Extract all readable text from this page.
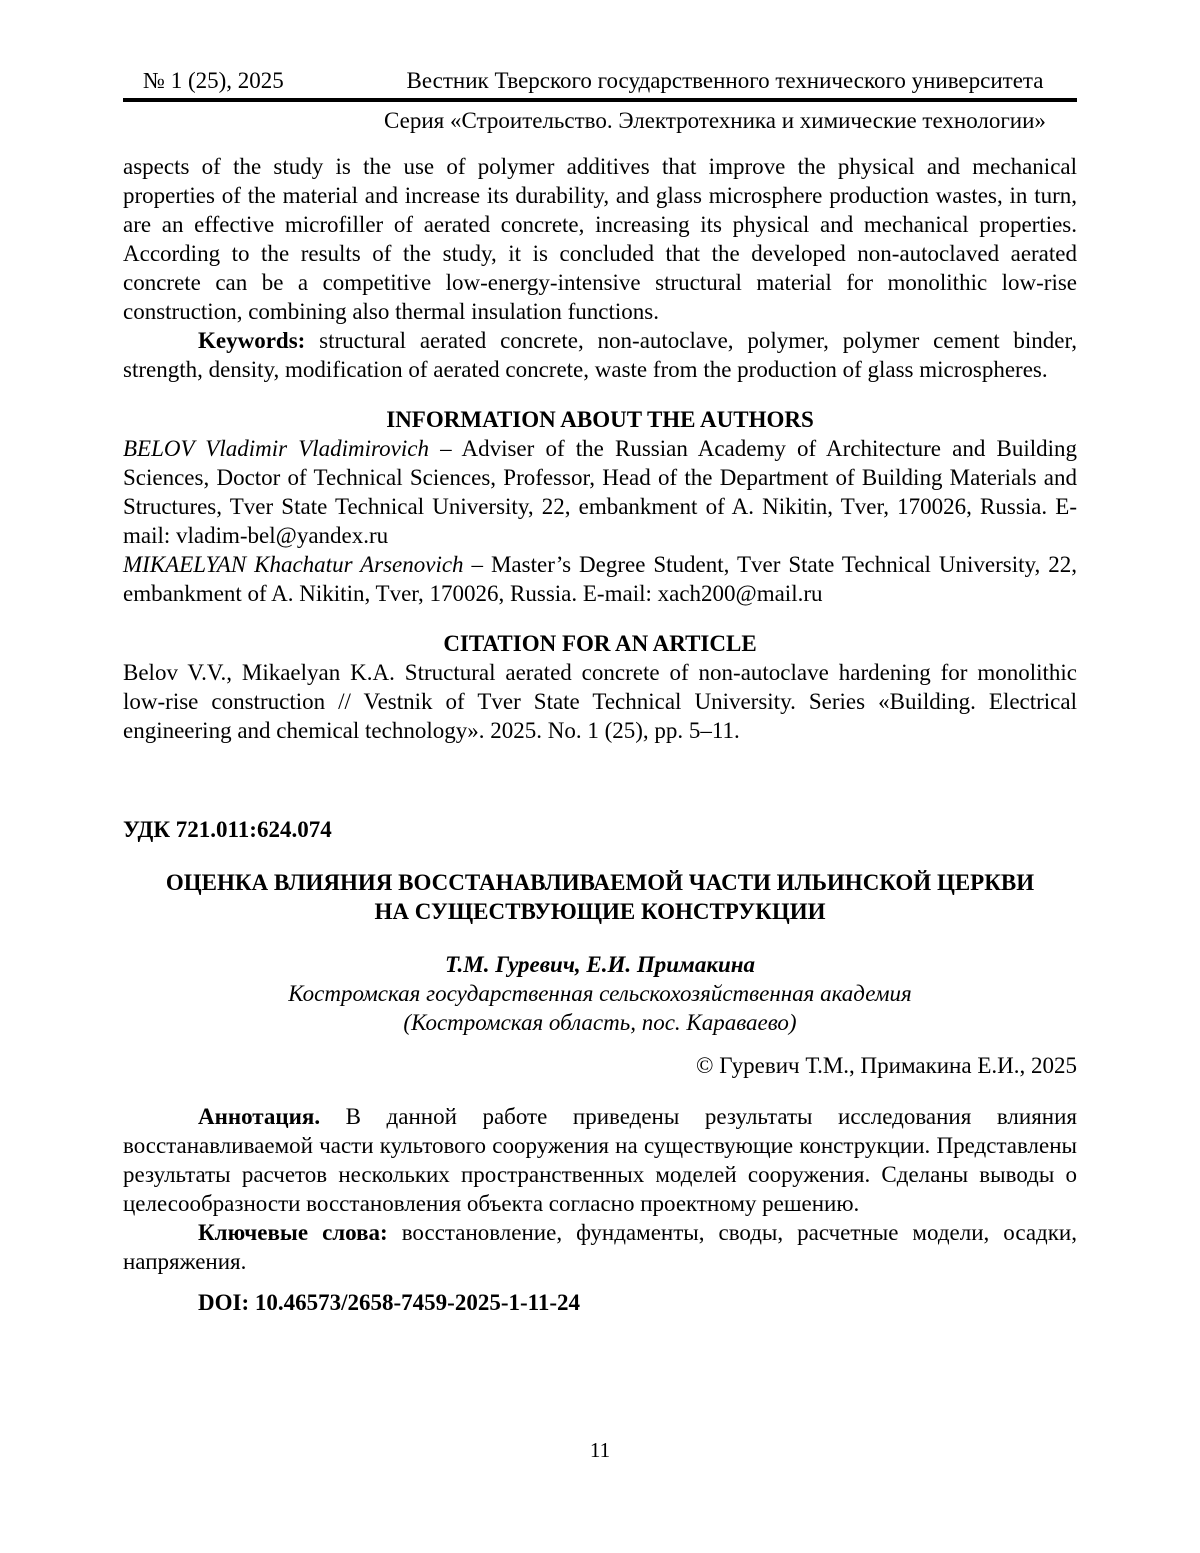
№ 1 (25), 2025	Вестник Тверского государственного технического университета
Серия «Строительство. Электротехника и химические технологии»

aspects of the study is the use of polymer additives that improve the physical and mechanical properties of the material and increase its durability, and glass microsphere production wastes, in turn, are an effective microfiller of aerated concrete, increasing its physical and mechanical properties. According to the results of the study, it is concluded that the developed non-autoclaved aerated concrete can be a competitive low-energy-intensive structural material for monolithic low-rise construction, combining also thermal insulation functions.

Keywords: structural aerated concrete, non-autoclave, polymer, polymer cement binder, strength, density, modification of aerated concrete, waste from the production of glass microspheres.

INFORMATION ABOUT THE AUTHORS

BELOV Vladimir Vladimirovich – Adviser of the Russian Academy of Architecture and Building Sciences, Doctor of Technical Sciences, Professor, Head of the Department of Building Materials and Structures, Tver State Technical University, 22, embankment of A. Nikitin, Tver, 170026, Russia. E-mail: vladim-bel@yandex.ru

MIKAELYAN Khachatur Arsenovich – Master’s Degree Student, Tver State Technical University, 22, embankment of A. Nikitin, Tver, 170026, Russia. E-mail: xach200@mail.ru

CITATION FOR AN ARTICLE

Belov V.V., Mikaelyan K.A. Structural aerated concrete of non-autoclave hardening for monolithic low-rise construction // Vestnik of Tver State Technical University. Series «Building. Electrical engineering and chemical technology». 2025. No. 1 (25), pp. 5–11.

УДК 721.011:624.074

ОЦЕНКА ВЛИЯНИЯ ВОССТАНАВЛИВАЕМОЙ ЧАСТИ ИЛЬИНСКОЙ ЦЕРКВИ
НА СУЩЕСТВУЮЩИЕ КОНСТРУКЦИИ

Т.М. Гуревич, Е.И. Примакина

Костромская государственная сельскохозяйственная академия

(Костромская область, пос. Караваево)

© Гуревич Т.М., Примакина Е.И., 2025

Аннотация. В данной работе приведены результаты исследования влияния восстанавливаемой части культового сооружения на существующие конструкции. Представлены результаты расчетов нескольких пространственных моделей сооружения. Сделаны выводы о целесообразности восстановления объекта согласно проектному решению.

Ключевые слова: восстановление, фундаменты, своды, расчетные модели, осадки, напряжения.

DOI: 10.46573/2658-7459-2025-1-11-24

11
